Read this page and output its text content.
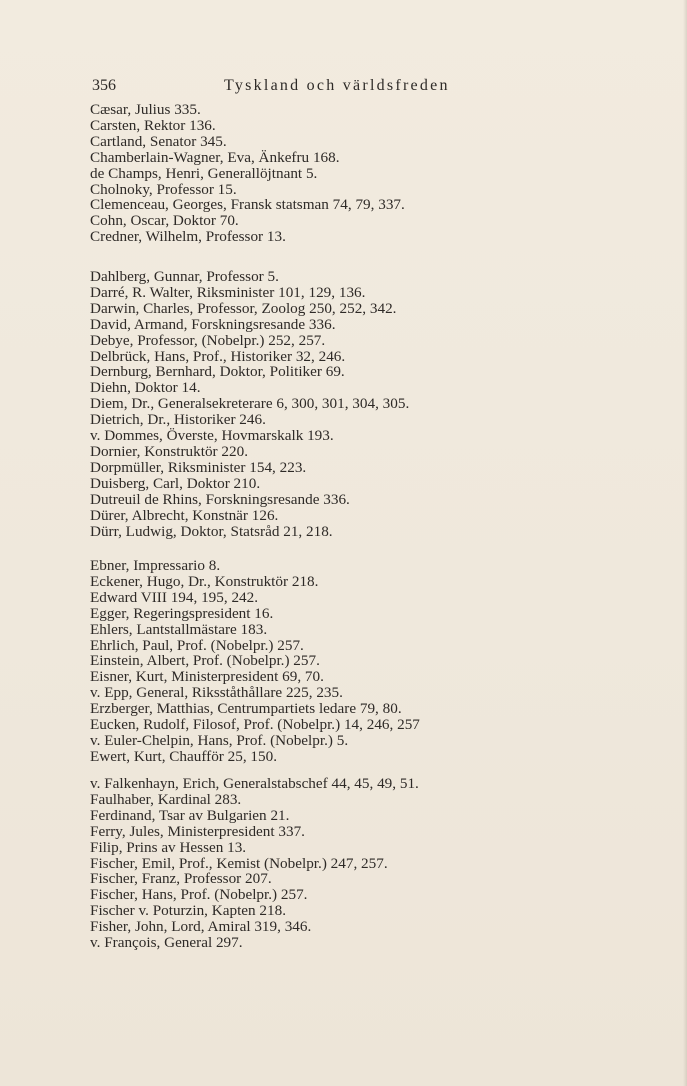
356	Tyskland och världsfreden
Cæsar, Julius 335.
Carsten, Rektor 136.
Cartland, Senator 345.
Chamberlain-Wagner, Eva, Änkefru 168.
de Champs, Henri, Generallöjtnant 5.
Cholnoky, Professor 15.
Clemenceau, Georges, Fransk statsman 74, 79, 337.
Cohn, Oscar, Doktor 70.
Credner, Wilhelm, Professor 13.
Dahlberg, Gunnar, Professor 5.
Darré, R. Walter, Riksminister 101, 129, 136.
Darwin, Charles, Professor, Zoolog 250, 252, 342.
David, Armand, Forskningsresande 336.
Debye, Professor, (Nobelpr.) 252, 257.
Delbrück, Hans, Prof., Historiker 32, 246.
Dernburg, Bernhard, Doktor, Politiker 69.
Diehn, Doktor 14.
Diem, Dr., Generalsekreterare 6, 300, 301, 304, 305.
Dietrich, Dr., Historiker 246.
v. Dommes, Överste, Hovmarskalk 193.
Dornier, Konstruktör 220.
Dorpmüller, Riksminister 154, 223.
Duisberg, Carl, Doktor 210.
Dutreuil de Rhins, Forskningsresande 336.
Dürer, Albrecht, Konstnär 126.
Dürr, Ludwig, Doktor, Statsråd 21, 218.
Ebner, Impressario 8.
Eckener, Hugo, Dr., Konstruktör 218.
Edward VIII 194, 195, 242.
Egger, Regeringspresident 16.
Ehlers, Lantstallmästare 183.
Ehrlich, Paul, Prof. (Nobelpr.) 257.
Einstein, Albert, Prof. (Nobelpr.) 257.
Eisner, Kurt, Ministerpresident 69, 70.
v. Epp, General, Riksståthållare 225, 235.
Erzberger, Matthias, Centrumpartiets ledare 79, 80.
Eucken, Rudolf, Filosof, Prof. (Nobelpr.) 14, 246, 257
v. Euler-Chelpin, Hans, Prof. (Nobelpr.) 5.
Ewert, Kurt, Chaufför 25, 150.
v. Falkenhayn, Erich, Generalstabschef 44, 45, 49, 51.
Faulhaber, Kardinal 283.
Ferdinand, Tsar av Bulgarien 21.
Ferry, Jules, Ministerpresident 337.
Filip, Prins av Hessen 13.
Fischer, Emil, Prof., Kemist (Nobelpr.) 247, 257.
Fischer, Franz, Professor 207.
Fischer, Hans, Prof. (Nobelpr.) 257.
Fischer v. Poturzin, Kapten 218.
Fisher, John, Lord, Amiral 319, 346.
v. François, General 297.
